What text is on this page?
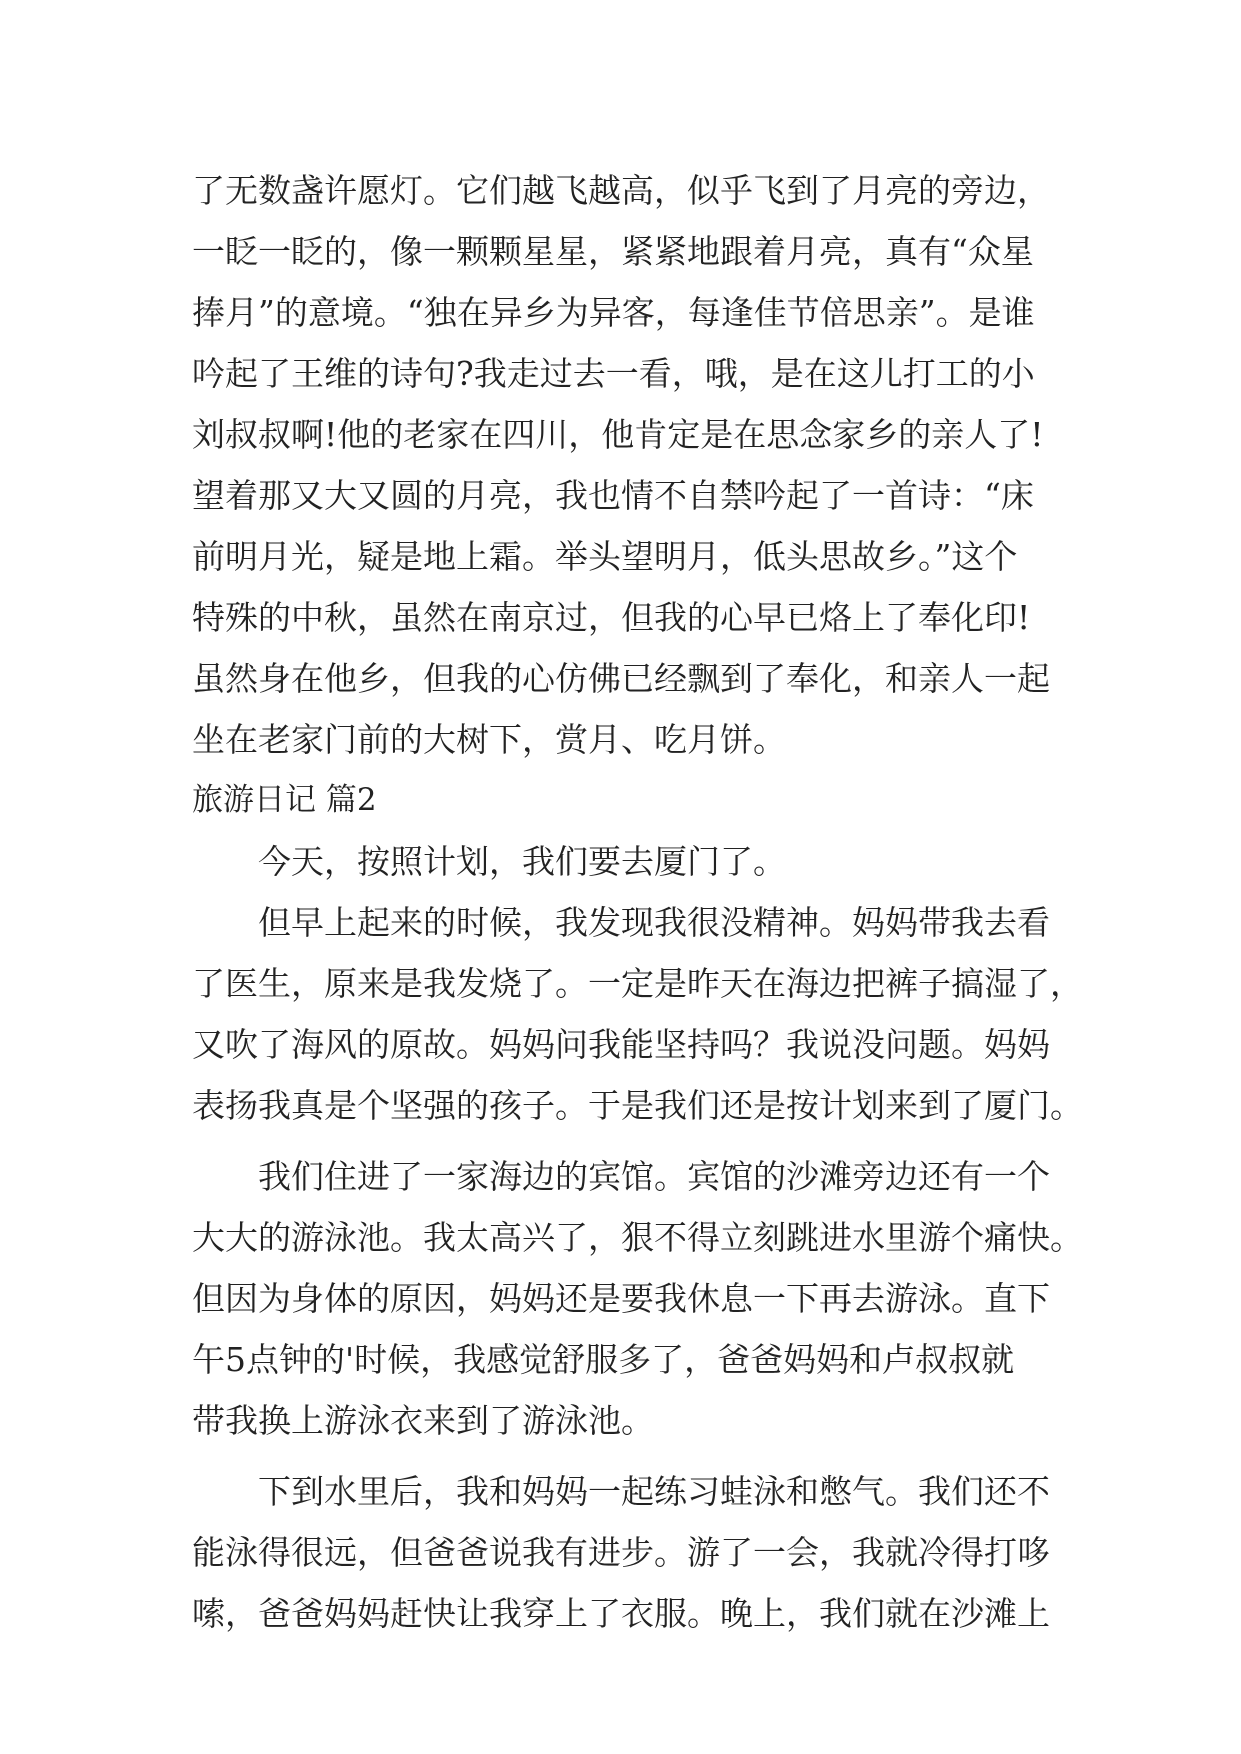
了无数盏许愿灯。它们越飞越高，似乎飞到了月亮的旁边，
一眨一眨的，像一颗颗星星，紧紧地跟着月亮，真有“众星
捧月”的意境。“独在异乡为异客，每逢佳节倍思亲”。是谁
吟起了王维的诗句?我走过去一看，哦，是在这儿打工的小
刘叔叔啊!他的老家在四川，他肯定是在思念家乡的亲人了!
望着那又大又圆的月亮，我也情不自禁吟起了一首诗：“床
前明月光，疑是地上霜。举头望明月，低头思故乡。”这个
特殊的中秋，虽然在南京过，但我的心早已烙上了奉化印!
虽然身在他乡，但我的心仿佛已经飘到了奉化，和亲人一起
坐在老家门前的大树下，赏月、吃月饼。
旅游日记 篇2
今天，按照计划，我们要去厦门了。
但早上起来的时候，我发现我很没精神。妈妈带我去看
了医生，原来是我发烧了。一定是昨天在海边把裤子搞湿了，
又吹了海风的原故。妈妈问我能坚持吗？我说没问题。妈妈
表扬我真是个坚强的孩子。于是我们还是按计划来到了厦门。
我们住进了一家海边的宾馆。宾馆的沙滩旁边还有一个
大大的游泳池。我太高兴了，狠不得立刻跳进水里游个痛快。
但因为身体的原因，妈妈还是要我休息一下再去游泳。直下
午5点钟的'时候，我感觉舒服多了，爸爸妈妈和卢叔叔就
带我换上游泳衣来到了游泳池。
下到水里后，我和妈妈一起练习蛙泳和憋气。我们还不
能泳得很远，但爸爸说我有进步。游了一会，我就冷得打哆
嗦，爸爸妈妈赶快让我穿上了衣服。晚上，我们就在沙滩上
